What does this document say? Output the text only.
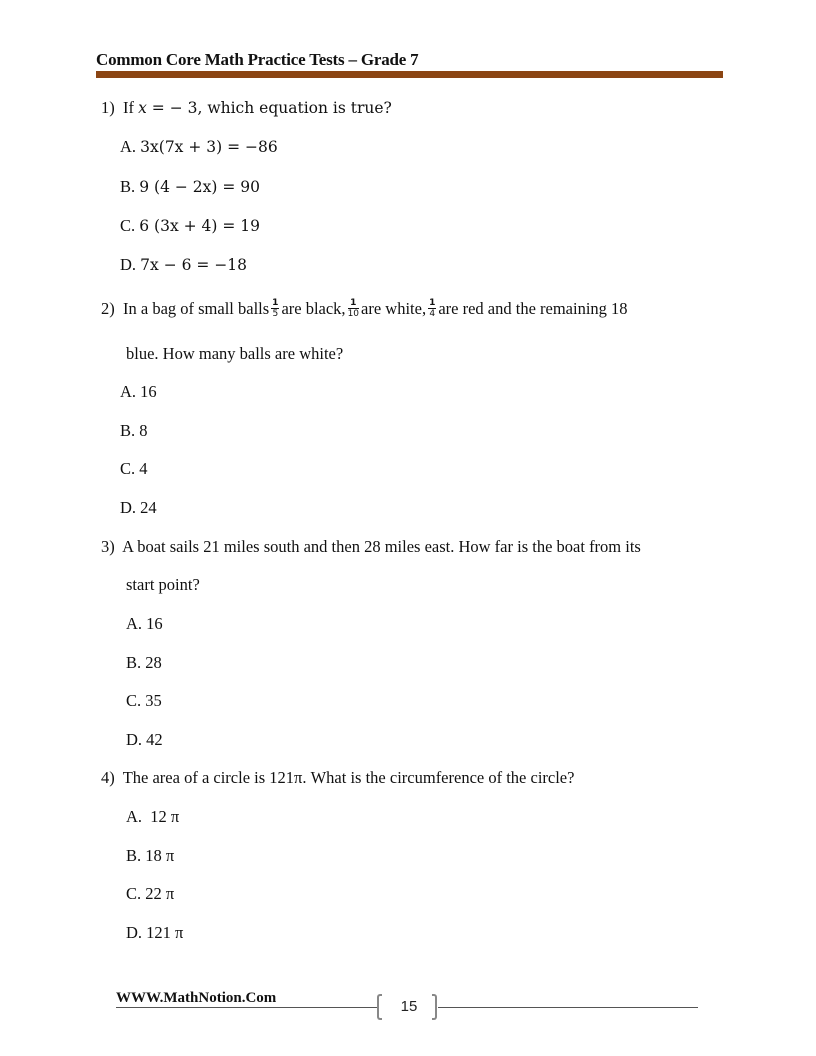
Common Core Math Practice Tests – Grade 7
1) If x = − 3, which equation is true?
A. 3x(7x + 3) = −86
B. 9 (4 − 2x) = 90
C. 6 (3x + 4) = 19
D. 7x − 6 = −18
2) In a bag of small balls $\frac{1}{5}$ are black, $\frac{1}{10}$ are white, $\frac{1}{4}$ are red and the remaining 18
blue. How many balls are white?
A. 16
B. 8
C. 4
D. 24
3) A boat sails 21 miles south and then 28 miles east. How far is the boat from its
start point?
A. 16
B. 28
C. 35
D. 42
4) The area of a circle is 121π. What is the circumference of the circle?
A. 12 π
B. 18 π
C. 22 π
D. 121 π
WWW.MathNotion.Com	15
